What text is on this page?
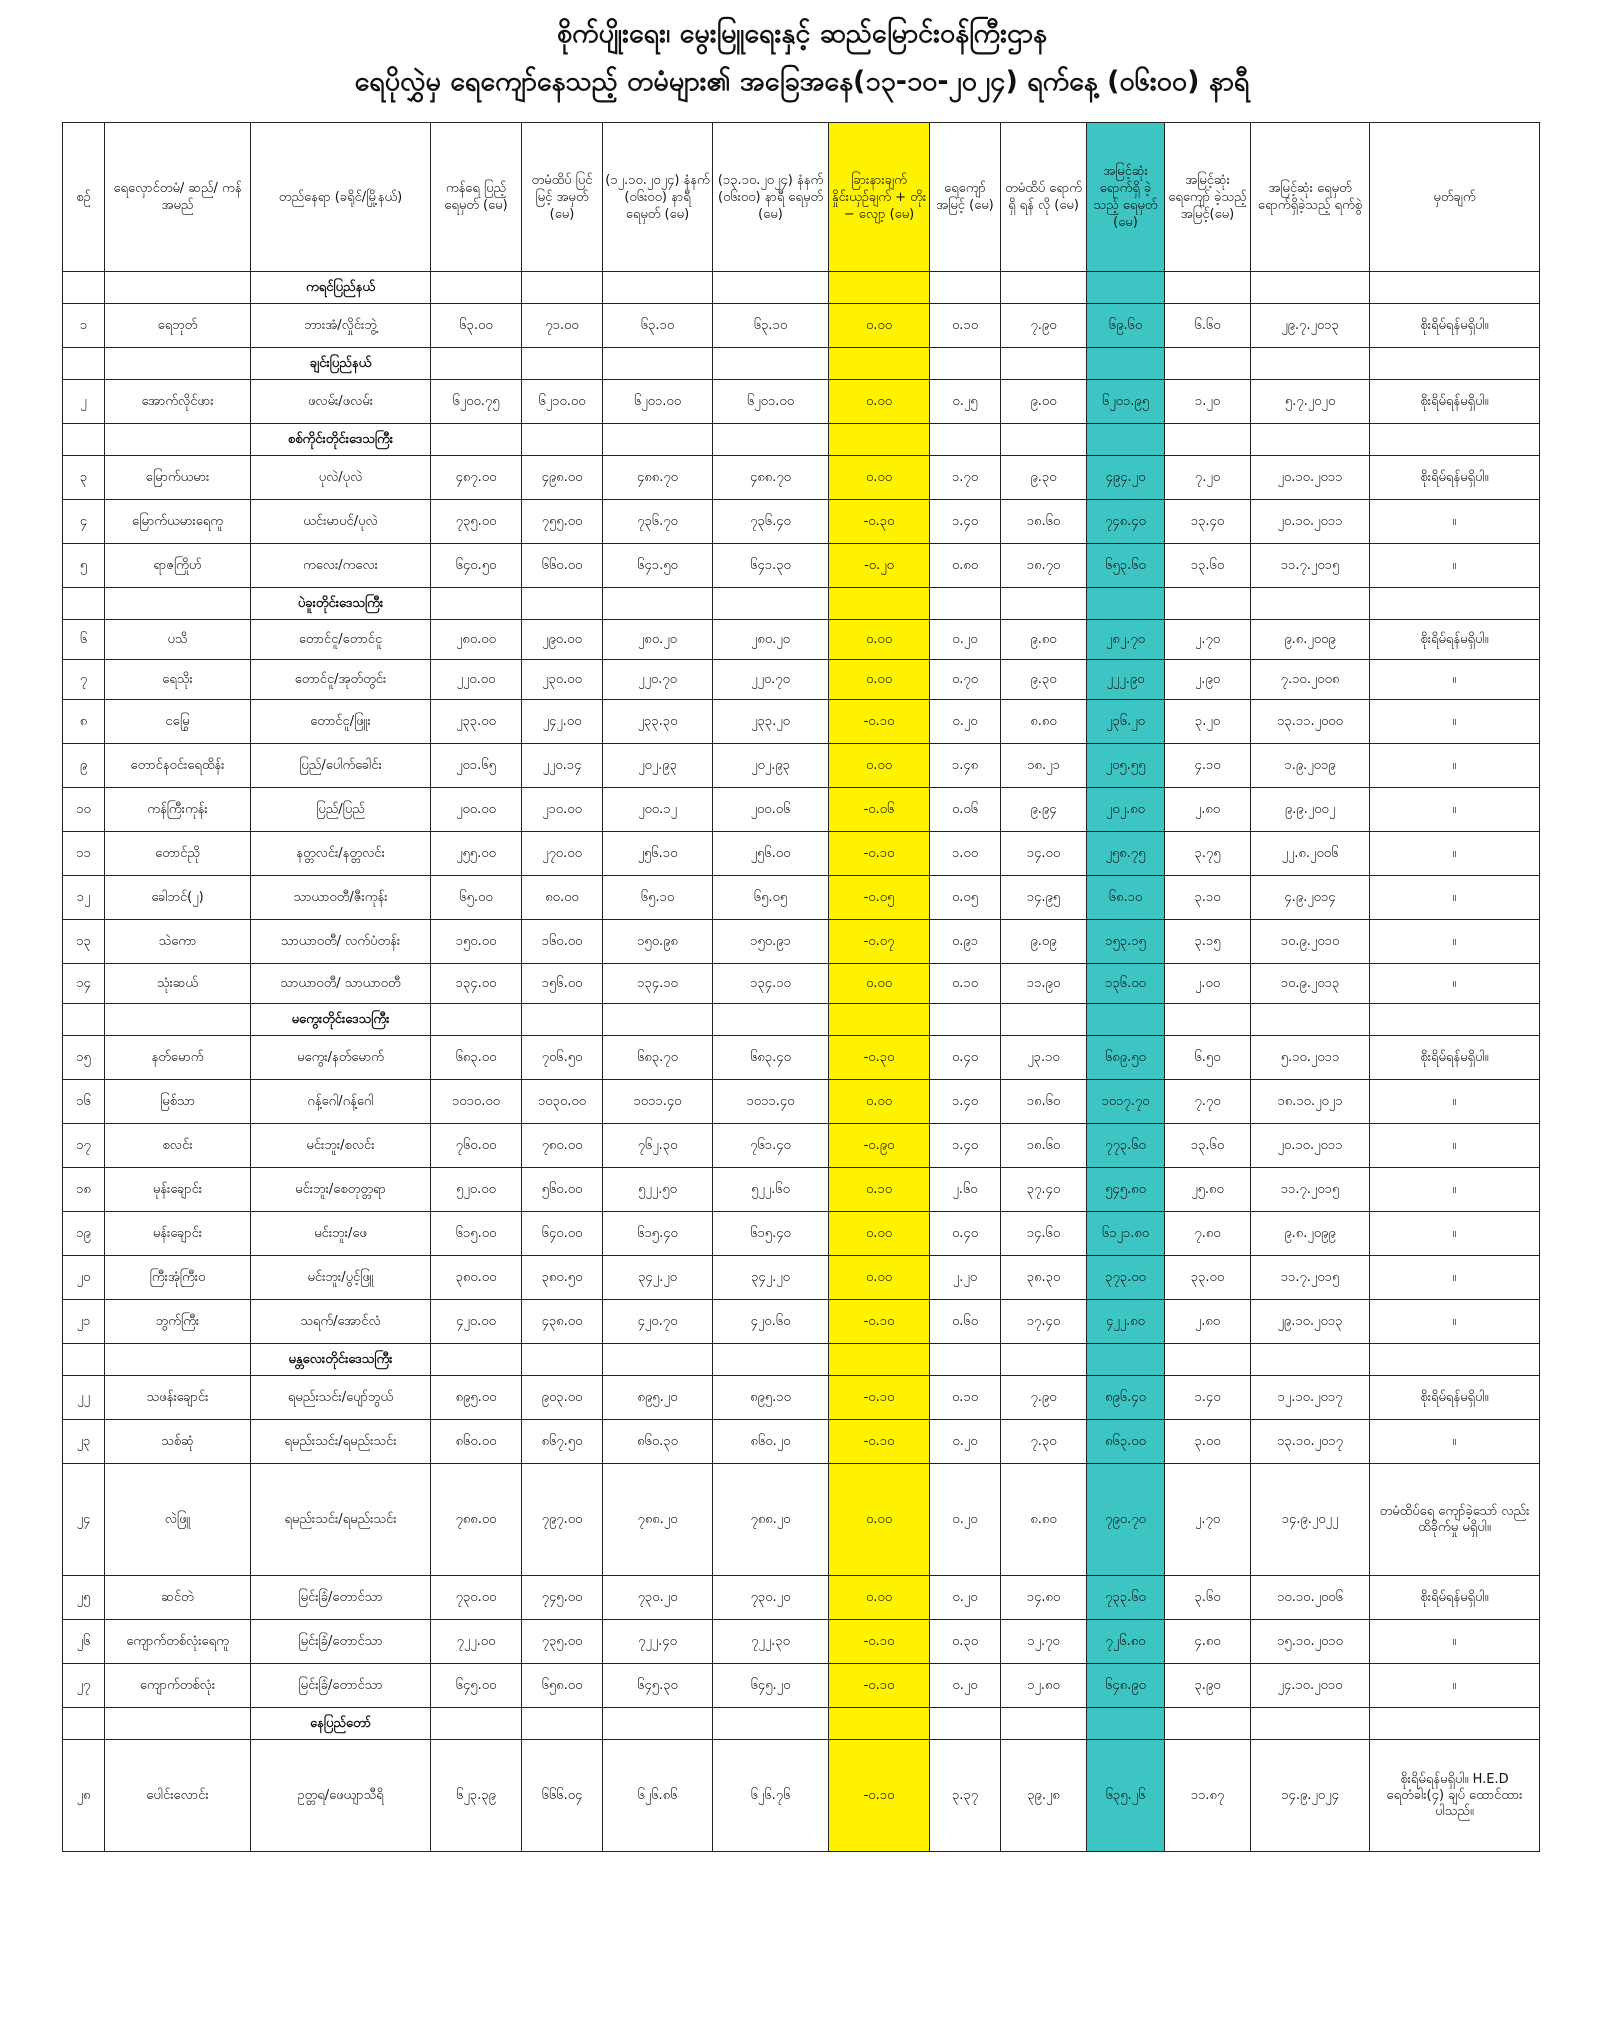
စိုက်ပျိုးရေး၊ မွေးမြူရေးနှင့် ဆည်မြောင်းဝန်ကြီးဌာန
ရေပိုလွှဲမှ ရေကျော်နေသည့် တမံများ၏ အခြေအနေ(၁၃-၁၀-၂၀၂၄) ရက်နေ့ (၀၆း၀၀) နာရီ
စဉ်	ရေလှောင်တမံ/ ဆည်/ ကန်အမည်	တည်နေရာ (ခရိုင်/မြို့နယ်)	ကန်ရေ ပြည့် ရေမှတ် (မေ)	တမံထိပ် ပြင်မြင့် အမှတ် (မေ)	(၁၂.၁၀.၂၀၂၄) နံနက် (၀၆း၀၀) နာရီ ရေမှတ် (မေ)	(၁၃.၁၀.၂၀၂၄) နံနက် (၀၆း၀၀) နာရီ ရေမှတ် (မေ)	ခြားနားချက် နှိုင်းယှဉ်ချက် + တိုး − လျော့ (မေ)	ရေကျော် အမြင့် (မေ)	တမံထိပ် ရောက်ရှိ ရန် လို (မေ)	အမြင့်ဆုံး ရောက်ရှိ ခဲ့သည့် ရေမှတ် (မေ)	အမြင့်ဆုံး ရေကျော် ခဲ့သည့် အမြင့်(မေ)	အမြင့်ဆုံး ရေမှတ် ရောက်ရှိခဲ့သည့် ရက်စွဲ	မှတ်ချက်
		ကရင်ပြည်နယ်											
၁	ရေဘုတ်	ဘားအံ/လှိုင်းဘွဲ့	၆၃.၀၀	၇၁.၀၀	၆၃.၁၀	၆၃.၁၀	၀.၀၀	၀.၁၀	၇.၉၀	၆၉.၆၀	၆.၆၀	၂၉.၇.၂၀၁၃	စိုးရိမ်ရန်မရှိပါ။
		ချင်းပြည်နယ်											
၂	အောက်လိုင်ဖား	ဖလမ်း/ဖလမ်း	၆၂၀၀.၇၅	၆၂၁၀.၀၀	၆၂၀၁.၀၀	၆၂၀၁.၀၀	၀.၀၀	၀.၂၅	၉.၀၀	၆၂၀၁.၉၅	၁.၂၀	၅.၇.၂၀၂၀	စိုးရိမ်ရန်မရှိပါ။
		စစ်ကိုင်းတိုင်းဒေသကြီး											
၃	မြောက်ယမား	ပုလဲ/ပုလဲ	၄၈၇.၀၀	၄၉၈.၀၀	၄၈၈.၇၀	၄၈၈.၇၀	၀.၀၀	၁.၇၀	၉.၃၀	၄၉၄.၂၀	၇.၂၀	၂၀.၁၀.၂၀၁၁	စိုးရိမ်ရန်မရှိပါ။
၄	မြောက်ယမားရေကူ	ယင်းမာပင်/ပုလဲ	၇၃၅.၀၀	၇၅၅.၀၀	၇၃၆.၇၀	၇၃၆.၄၀	-၀.၃၀	၁.၄၀	၁၈.၆၀	၇၄၈.၄၀	၁၃.၄၀	၂၀.၁၀.၂၀၁၁	။
၅	ရာဇကြိုဟ်	ကလေး/ကလေး	၆၄၀.၅၀	၆၆၀.၀၀	၆၄၁.၅၀	၆၄၁.၃၀	-၀.၂၀	၀.၈၀	၁၈.၇၀	၆၅၃.၆၀	၁၃.၆၀	၁၁.၇.၂၀၁၅	။
		ပဲခူးတိုင်းဒေသကြီး											
၆	ပသိ	တောင်ငူ/တောင်ငူ	၂၈၀.၀၀	၂၉၀.၀၀	၂၈၀.၂၀	၂၈၀.၂၀	၀.၀၀	၀.၂၀	၉.၈၀	၂၈၂.၇၀	၂.၇၀	၉.၈.၂၀၀၉	စိုးရိမ်ရန်မရှိပါ။
၇	ရေသိုး	တောင်ငူ/အုတ်တွင်း	၂၂၀.၀၀	၂၃၀.၀၀	၂၂၀.၇၀	၂၂၀.၇၀	၀.၀၀	၀.၇၀	၉.၃၀	၂၂၂.၉၀	၂.၉၀	၇.၁၀.၂၀၀၈	။
၈	ငမြွေ	တောင်ငူ/ဖြူး	၂၃၃.၀၀	၂၄၂.၀၀	၂၃၃.၃၀	၂၃၃.၂၀	-၀.၁၀	၀.၂၀	၈.၈၀	၂၃၆.၂၀	၃.၂၀	၁၃.၁၁.၂၀၀၀	။
၉	တောင်နဝင်းရေထိန်း	ပြည်/ပေါက်ခေါင်း	၂၀၁.၆၅	၂၂၀.၁၄	၂၀၂.၉၃	၂၀၂.၉၃	၀.၀၀	၁.၄၈	၁၈.၂၁	၂၀၅.၅၅	၄.၁၀	၁.၉.၂၀၁၉	။
၁၀	ကန်ကြီးကုန်း	ပြည်/ပြည်	၂၀၀.၀၀	၂၁၀.၀၀	၂၀၀.၁၂	၂၀၀.၀၆	-၀.၀၆	၀.၀၆	၉.၉၄	၂၀၂.၈၀	၂.၈၀	၉.၉.၂၀၀၂	။
၁၁	တောင်ညို	နတ္တလင်း/နတ္တလင်း	၂၅၅.၀၀	၂၇၀.၀၀	၂၅၆.၁၀	၂၅၆.၀၀	-၀.၁၀	၁.၀၀	၁၄.၀၀	၂၅၈.၇၅	၃.၇၅	၂၂.၈.၂၀၀၆	။
၁၂	ခေါဘင်(၂)	သာယာဝတီ/ဇီးကုန်း	၆၅.၀၀	၈၀.၀၀	၆၅.၁၀	၆၅.၀၅	-၀.၀၅	၀.၀၅	၁၄.၉၅	၆၈.၁၀	၃.၁၀	၄.၉.၂၀၁၄	။
၁၃	သဲကော	သာယာဝတီ/ လက်ပံတန်း	၁၅၀.၀၀	၁၆၀.၀၀	၁၅၀.၉၈	၁၅၀.၉၁	-၀.၀၇	၀.၉၁	၉.၀၉	၁၅၃.၁၅	၃.၁၅	၁၀.၉.၂၀၁၀	။
၁၄	သုံးဆယ်	သာယာဝတီ/ သာယာဝတီ	၁၃၄.၀၀	၁၅၆.၀၀	၁၃၄.၁၀	၁၃၄.၁၀	၀.၀၀	၀.၁၀	၁၁.၉၀	၁၃၆.၀၀	၂.၀၀	၁၀.၉.၂၀၁၃	။
		မကွေးတိုင်းဒေသကြီး											
၁၅	နတ်မောက်	မကွေး/နတ်မောက်	၆၈၃.၀၀	၇၀၆.၅၀	၆၈၃.၇၀	၆၈၃.၄၀	-၀.၃၀	၀.၄၀	၂၃.၁၀	၆၈၉.၅၀	၆.၅၀	၅.၁၀.၂၀၁၁	စိုးရိမ်ရန်မရှိပါ။
၁၆	မြစ်သာ	ဂန့်ဂေါ/ဂန့်ဂေါ	၁၀၁၀.၀၀	၁၀၃၀.၀၀	၁၀၁၁.၄၀	၁၀၁၁.၄၀	၀.၀၀	၁.၄၀	၁၈.၆၀	၁၀၁၇.၇၀	၇.၇၀	၁၈.၁၀.၂၀၂၁	။
၁၇	စလင်း	မင်းဘူး/စလင်း	၇၆၀.၀၀	၇၈၀.၀၀	၇၆၂.၃၀	၇၆၁.၄၀	-၀.၉၀	၁.၄၀	၁၈.၆၀	၇၇၃.၆၀	၁၃.၆၀	၂၀.၁၀.၂၀၁၁	။
၁၈	မုန်းချောင်း	မင်းဘူး/စေတုတ္တရာ	၅၂၀.၀၀	၅၆၀.၀၀	၅၂၂.၅၀	၅၂၂.၆၀	၀.၁၀	၂.၆၀	၃၇.၄၀	၅၄၅.၈၀	၂၅.၈၀	၁၁.၇.၂၀၁၅	။
၁၉	မန်းချောင်း	မင်းဘူး/ဖေ	၆၁၅.၀၀	၆၄၀.၀၀	၆၁၅.၄၀	၆၁၅.၄၀	၀.၀၀	၀.၄၀	၁၄.၆၀	၆၁၂၁.၈၀	၇.၈၀	၉.၈.၂၀၉၉	။
၂၀	ကြီးအုံကြီးဝ	မင်းဘူး/ပွင့်ဖြူ	၃၈၀.၀၀	၃၈၀.၅၀	၃၄၂.၂၀	၃၄၂.၂၀	၀.၀၀	၂.၂၀	၃၈.၃၀	၃၇၃.၀၀	၃၃.၀၀	၁၁.၇.၂၀၁၅	။
၂၁	ဘွက်ကြီး	သရက်/အောင်လံ	၄၂၀.၀၀	၄၃၈.၀၀	၄၂၀.၇၀	၄၂၀.၆၀	-၀.၁၀	၀.၆၀	၁၇.၄၀	၄၂၂.၈၀	၂.၈၀	၂၉.၁၀.၂၀၁၃	။
		မန္တလေးတိုင်းဒေသကြီး											
၂၂	သဖန်းချောင်း	ရမည်းသင်း/ပျော်ဘွယ်	၈၉၅.၀၀	၉၀၃.၀၀	၈၉၅.၂၀	၈၉၅.၁၀	-၀.၁၀	၀.၁၀	၇.၉၀	၈၉၆.၄၀	၁.၄၀	၁၂.၁၀.၂၀၁၇	စိုးရိမ်ရန်မရှိပါ။
၂၃	သစ်ဆုံ	ရမည်းသင်း/ရမည်းသင်း	၈၆၀.၀၀	၈၆၇.၅၀	၈၆၀.၃၀	၈၆၀.၂၀	-၀.၁၀	၀.၂၀	၇.၃၀	၈၆၃.၀၀	၃.၀၀	၁၃.၁၀.၂၀၁၇	။
၂၄	လဲဖြူ	ရမည်းသင်း/ရမည်းသင်း	၇၈၈.၀၀	၇၉၇.၀၀	၇၈၈.၂၀	၇၈၈.၂၀	၀.၀၀	၀.၂၀	၈.၈၀	၇၉၀.၇၀	၂.၇၀	၁၄.၉.၂၀၂၂	တမံထိပ်ရေ ကျော်ခဲ့သော် လည်းထိခိုက်မှု မရှိပါ။
၂၅	ဆင်တဲ	မြင်းခြံ/တောင်သာ	၇၃၀.၀၀	၇၄၅.၀၀	၇၃၀.၂၀	၇၃၀.၂၀	၀.၀၀	၀.၂၀	၁၄.၈၀	၇၃၃.၆၀	၃.၆၀	၁၀.၁၀.၂၀၀၆	စိုးရိမ်ရန်မရှိပါ။
၂၆	ကျောက်တစ်လုံးရေကူ	မြင်းခြံ/တောင်သာ	၇၂၂.၀၀	၇၃၅.၀၀	၇၂၂.၄၀	၇၂၂.၃၀	-၀.၁၀	၀.၃၀	၁၂.၇၀	၇၂၆.၈၀	၄.၈၀	၁၅.၁၀.၂၀၁၀	။
၂၇	ကျောက်တစ်လုံး	မြင်းခြံ/တောင်သာ	၆၄၅.၀၀	၆၅၈.၀၀	၆၄၅.၃၀	၆၄၅.၂၀	-၀.၁၀	၀.၂၀	၁၂.၈၀	၆၄၈.၉၀	၃.၉၀	၂၄.၁၀.၂၀၁၀	။
		နေပြည်တော်											
၂၈	ပေါင်းလောင်း	ဥတ္တရ/ဖေယျာသီရိ	၆၂၃.၃၉	၆၆၆.၀၄	၆၂၆.၈၆	၆၂၆.၇၆	-၀.၁၀	၃.၃၇	၃၉.၂၈	၆၃၅.၂၆	၁၁.၈၇	၁၄.၉.၂၀၂၄	စိုးရိမ်ရန်မရှိပါ။ H.E.D ရေတံခါး(၄) ချပ် ထောင်ထားပါသည်။
